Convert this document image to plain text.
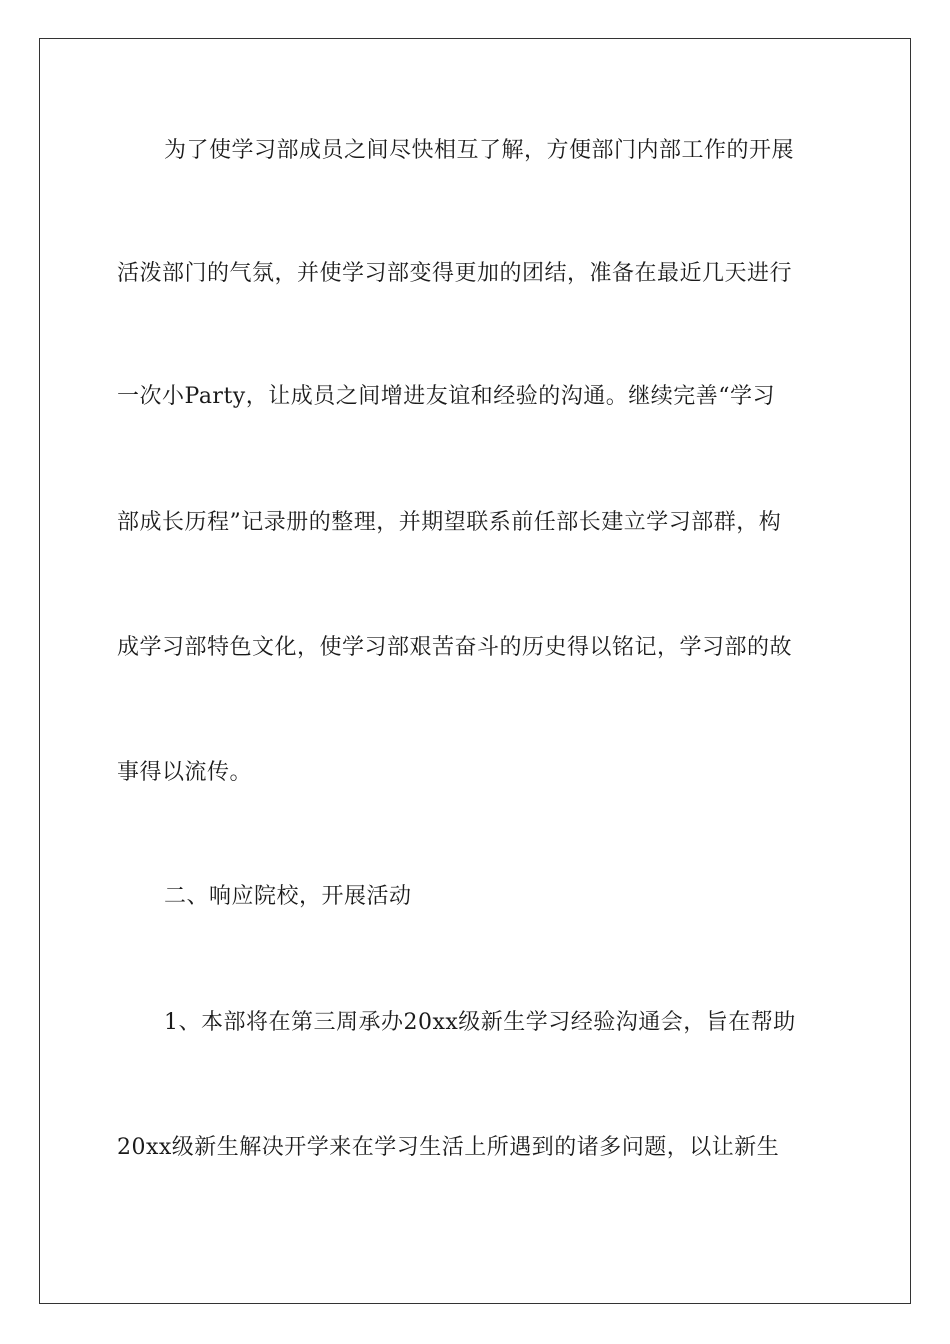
为了使学习部成员之间尽快相互了解，方便部门内部工作的开展
活泼部门的气氛，并使学习部变得更加的团结，准备在最近几天进行
一次小Party，让成员之间增进友谊和经验的沟通。继续完善“学习
部成长历程”记录册的整理，并期望联系前任部长建立学习部群，构
成学习部特色文化，使学习部艰苦奋斗的历史得以铭记，学习部的故
事得以流传。
二、响应院校，开展活动
1、本部将在第三周承办20xx级新生学习经验沟通会，旨在帮助
20xx级新生解决开学来在学习生活上所遇到的诸多问题，以让新生
